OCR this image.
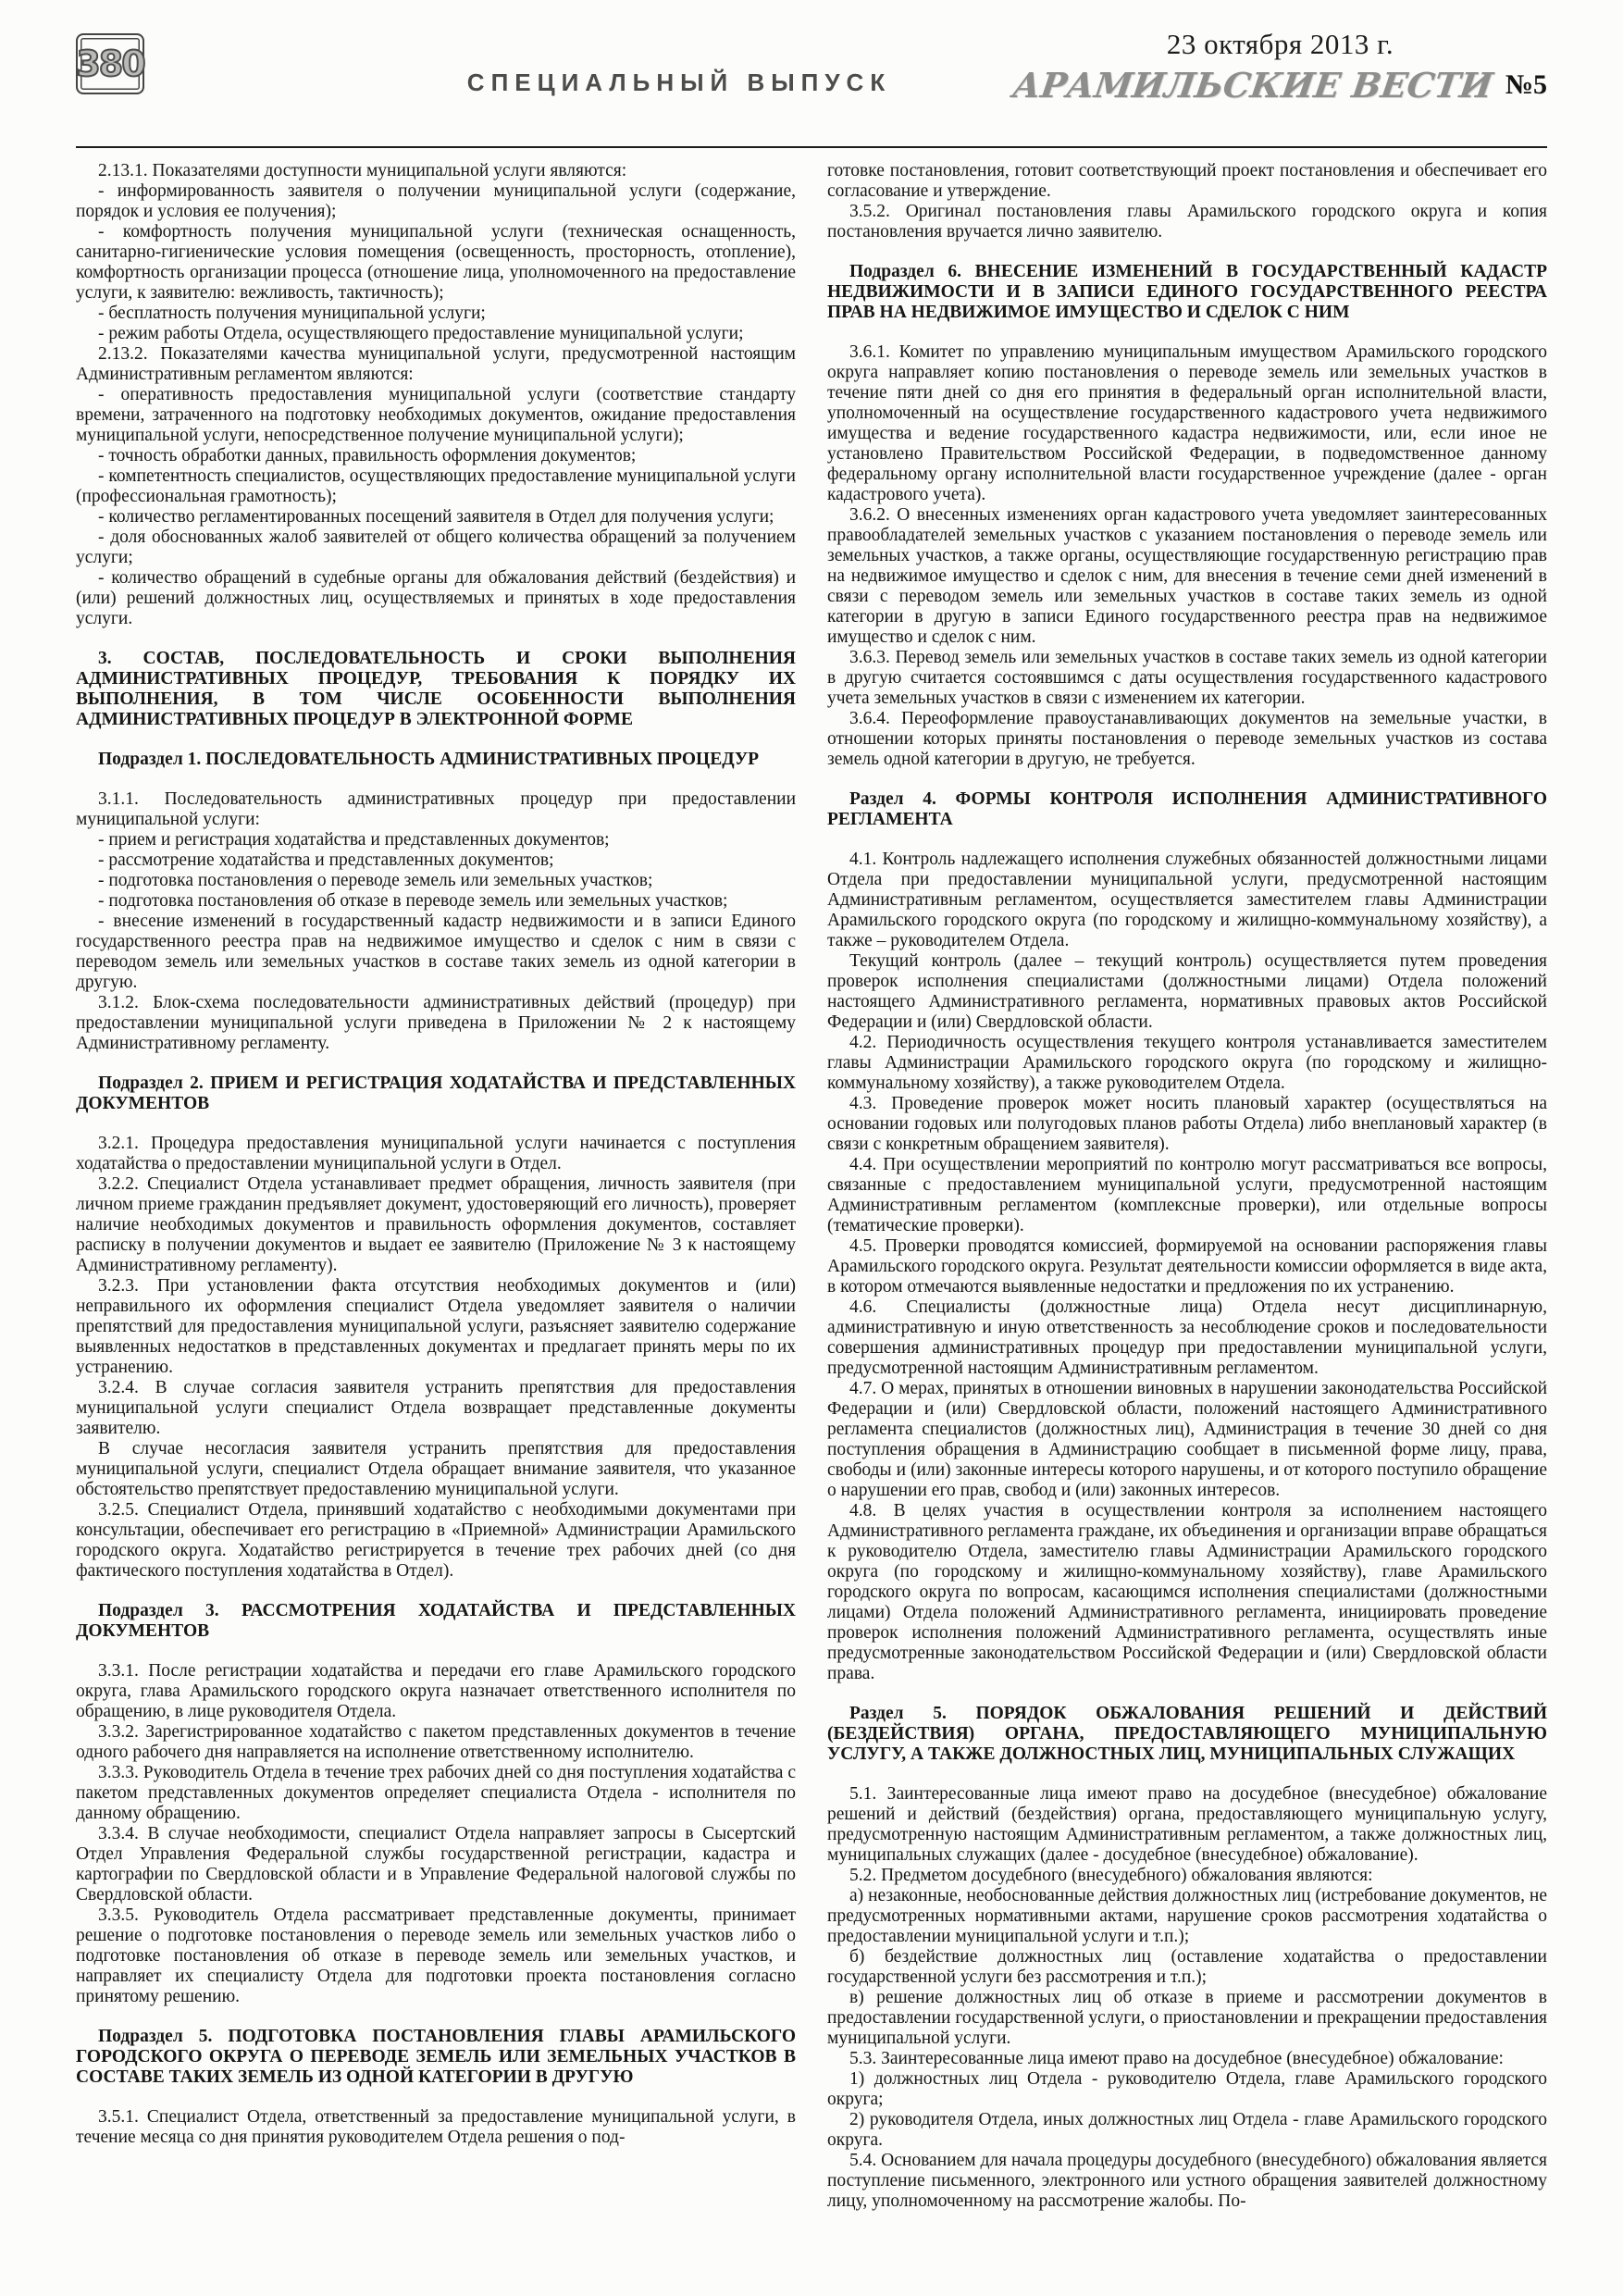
380	СПЕЦИАЛЬНЫЙ ВЫПУСК
23 октября 2013 г.
АРАМИЛЬСКИЕ ВЕСТИ №5

2.13.1. Показателями доступности муниципальной услуги являются:

- информированность заявителя о получении муниципальной услуги (содержание, порядок и условия ее получения);

- комфортность получения муниципальной услуги (техническая оснащенность, санитарно-гигиенические условия помещения (освещенность, просторность, отопление), комфортность организации процесса (отношение лица, уполномоченного на предоставление услуги, к заявителю: вежливость, тактичность);

- бесплатность получения муниципальной услуги;

- режим работы Отдела, осуществляющего предоставление муниципальной услуги;

2.13.2. Показателями качества муниципальной услуги, предусмотренной настоящим Административным регламентом являются:

- оперативность предоставления муниципальной услуги (соответствие стандарту времени, затраченного на подготовку необходимых документов, ожидание предоставления муниципальной услуги, непосредственное получение муниципальной услуги);

- точность обработки данных, правильность оформления документов;

- компетентность специалистов, осуществляющих предоставление муниципальной услуги (профессиональная грамотность);

- количество регламентированных посещений заявителя в Отдел для получения услуги;

- доля обоснованных жалоб заявителей от общего количества обращений за получением услуги;

- количество обращений в судебные органы для обжалования действий (бездействия) и (или) решений должностных лиц, осуществляемых и принятых в ходе предоставления услуги.

3. СОСТАВ, ПОСЛЕДОВАТЕЛЬНОСТЬ И СРОКИ ВЫПОЛНЕНИЯ АДМИНИСТРАТИВНЫХ ПРОЦЕДУР, ТРЕБОВАНИЯ К ПОРЯДКУ ИХ ВЫПОЛНЕНИЯ, В ТОМ ЧИСЛЕ ОСОБЕННОСТИ ВЫПОЛНЕНИЯ АДМИНИСТРАТИВНЫХ ПРОЦЕДУР В ЭЛЕКТРОННОЙ ФОРМЕ

Подраздел 1. ПОСЛЕДОВАТЕЛЬНОСТЬ АДМИНИСТРАТИВНЫХ ПРОЦЕДУР

3.1.1. Последовательность административных процедур при предоставлении муниципальной услуги:

- прием и регистрация ходатайства и представленных документов;

- рассмотрение ходатайства и представленных документов;

- подготовка постановления о переводе земель или земельных участков;

- подготовка постановления об отказе в переводе земель или земельных участков;

- внесение изменений в государственный кадастр недвижимости и в записи Единого государственного реестра прав на недвижимое имущество и сделок с ним в связи с переводом земель или земельных участков в составе таких земель из одной категории в другую.

3.1.2. Блок-схема последовательности административных действий (процедур) при предоставлении муниципальной услуги приведена в Приложении № 2 к настоящему Административному регламенту.

Подраздел 2. ПРИЕМ И РЕГИСТРАЦИЯ ХОДАТАЙСТВА И ПРЕДСТАВЛЕННЫХ ДОКУМЕНТОВ

3.2.1. Процедура предоставления муниципальной услуги начинается с поступления ходатайства о предоставлении муниципальной услуги в Отдел.

3.2.2. Специалист Отдела устанавливает предмет обращения, личность заявителя (при личном приеме гражданин предъявляет документ, удостоверяющий его личность), проверяет наличие необходимых документов и правильность оформления документов, составляет расписку в получении документов и выдает ее заявителю (Приложение № 3 к настоящему Административному регламенту).

3.2.3. При установлении факта отсутствия необходимых документов и (или) неправильного их оформления специалист Отдела уведомляет заявителя о наличии препятствий для предоставления муниципальной услуги, разъясняет заявителю содержание выявленных недостатков в представленных документах и предлагает принять меры по их устранению.

3.2.4. В случае согласия заявителя устранить препятствия для предоставления муниципальной услуги специалист Отдела возвращает представленные документы заявителю.

В случае несогласия заявителя устранить препятствия для предоставления муниципальной услуги, специалист Отдела обращает внимание заявителя, что указанное обстоятельство препятствует предоставлению муниципальной услуги.

3.2.5. Специалист Отдела, принявший ходатайство с необходимыми документами при консультации, обеспечивает его регистрацию в «Приемной» Администрации Арамильского городского округа. Ходатайство регистрируется в течение трех рабочих дней (со дня фактического поступления ходатайства в Отдел).

Подраздел 3. РАССМОТРЕНИЯ ХОДАТАЙСТВА И ПРЕДСТАВЛЕННЫХ ДОКУМЕНТОВ

3.3.1. После регистрации ходатайства и передачи его главе Арамильского городского округа, глава Арамильского городского округа назначает ответственного исполнителя по обращению, в лице руководителя Отдела.

3.3.2. Зарегистрированное ходатайство с пакетом представленных документов в течение одного рабочего дня направляется на исполнение ответственному исполнителю.

3.3.3. Руководитель Отдела в течение трех рабочих дней со дня поступления ходатайства с пакетом представленных документов определяет специалиста Отдела - исполнителя по данному обращению.

3.3.4. В случае необходимости, специалист Отдела направляет запросы в Сысертский Отдел Управления Федеральной службы государственной регистрации, кадастра и картографии по Свердловской области и в Управление Федеральной налоговой службы по Свердловской области.

3.3.5. Руководитель Отдела рассматривает представленные документы, принимает решение о подготовке постановления о переводе земель или земельных участков либо о подготовке постановления об отказе в переводе земель или земельных участков, и направляет их специалисту Отдела для подготовки проекта постановления согласно принятому решению.

Подраздел 5. ПОДГОТОВКА ПОСТАНОВЛЕНИЯ ГЛАВЫ АРАМИЛЬСКОГО ГОРОДСКОГО ОКРУГА О ПЕРЕВОДЕ ЗЕМЕЛЬ ИЛИ ЗЕМЕЛЬНЫХ УЧАСТКОВ В СОСТАВЕ ТАКИХ ЗЕМЕЛЬ ИЗ ОДНОЙ КАТЕГОРИИ В ДРУГУЮ

3.5.1. Специалист Отдела, ответственный за предоставление муниципальной услуги, в течение месяца со дня принятия руководителем Отдела решения о под-

готовке постановления, готовит соответствующий проект постановления и обеспечивает его согласование и утверждение.

3.5.2. Оригинал постановления главы Арамильского городского округа и копия постановления вручается лично заявителю.

Подраздел 6. ВНЕСЕНИЕ ИЗМЕНЕНИЙ В ГОСУДАРСТВЕННЫЙ КАДАСТР НЕДВИЖИМОСТИ И В ЗАПИСИ ЕДИНОГО ГОСУДАРСТВЕННОГО РЕЕСТРА ПРАВ НА НЕДВИЖИМОЕ ИМУЩЕСТВО И СДЕЛОК С НИМ

3.6.1. Комитет по управлению муниципальным имуществом Арамильского городского округа направляет копию постановления о переводе земель или земельных участков в течение пяти дней со дня его принятия в федеральный орган исполнительной власти, уполномоченный на осуществление государственного кадастрового учета недвижимого имущества и ведение государственного кадастра недвижимости, или, если иное не установлено Правительством Российской Федерации, в подведомственное данному федеральному органу исполнительной власти государственное учреждение (далее - орган кадастрового учета).

3.6.2. О внесенных изменениях орган кадастрового учета уведомляет заинтересованных правообладателей земельных участков с указанием постановления о переводе земель или земельных участков, а также органы, осуществляющие государственную регистрацию прав на недвижимое имущество и сделок с ним, для внесения в течение семи дней изменений в связи с переводом земель или земельных участков в составе таких земель из одной категории в другую в записи Единого государственного реестра прав на недвижимое имущество и сделок с ним.

3.6.3. Перевод земель или земельных участков в составе таких земель из одной категории в другую считается состоявшимся с даты осуществления государственного кадастрового учета земельных участков в связи с изменением их категории.

3.6.4. Переоформление правоустанавливающих документов на земельные участки, в отношении которых приняты постановления о переводе земельных участков из состава земель одной категории в другую, не требуется.

Раздел 4. ФОРМЫ КОНТРОЛЯ ИСПОЛНЕНИЯ АДМИНИСТРАТИВНОГО РЕГЛАМЕНТА

4.1. Контроль надлежащего исполнения служебных обязанностей должностными лицами Отдела при предоставлении муниципальной услуги, предусмотренной настоящим Административным регламентом, осуществляется заместителем главы Администрации Арамильского городского округа (по городскому и жилищно-коммунальному хозяйству), а также – руководителем Отдела.

Текущий контроль (далее – текущий контроль) осуществляется путем проведения проверок исполнения специалистами (должностными лицами) Отдела положений настоящего Административного регламента, нормативных правовых актов Российской Федерации и (или) Свердловской области.

4.2. Периодичность осуществления текущего контроля устанавливается заместителем главы Администрации Арамильского городского округа (по городскому и жилищно-коммунальному хозяйству), а также руководителем Отдела.

4.3. Проведение проверок может носить плановый характер (осуществляться на основании годовых или полугодовых планов работы Отдела) либо внеплановый характер (в связи с конкретным обращением заявителя).

4.4. При осуществлении мероприятий по контролю могут рассматриваться все вопросы, связанные с предоставлением муниципальной услуги, предусмотренной настоящим Административным регламентом (комплексные проверки), или отдельные вопросы (тематические проверки).

4.5. Проверки проводятся комиссией, формируемой на основании распоряжения главы Арамильского городского округа. Результат деятельности комиссии оформляется в виде акта, в котором отмечаются выявленные недостатки и предложения по их устранению.

4.6. Специалисты (должностные лица) Отдела несут дисциплинарную, административную и иную ответственность за несоблюдение сроков и последовательности совершения административных процедур при предоставлении муниципальной услуги, предусмотренной настоящим Административным регламентом.

4.7. О мерах, принятых в отношении виновных в нарушении законодательства Российской Федерации и (или) Свердловской области, положений настоящего Административного регламента специалистов (должностных лиц), Администрация в течение 30 дней со дня поступления обращения в Администрацию сообщает в письменной форме лицу, права, свободы и (или) законные интересы которого нарушены, и от которого поступило обращение о нарушении его прав, свобод и (или) законных интересов.

4.8. В целях участия в осуществлении контроля за исполнением настоящего Административного регламента граждане, их объединения и организации вправе обращаться к руководителю Отдела, заместителю главы Администрации Арамильского городского округа (по городскому и жилищно-коммунальному хозяйству), главе Арамильского городского округа по вопросам, касающимся исполнения специалистами (должностными лицами) Отдела положений Административного регламента, инициировать проведение проверок исполнения положений Административного регламента, осуществлять иные предусмотренные законодательством Российской Федерации и (или) Свердловской области права.

Раздел 5. ПОРЯДОК ОБЖАЛОВАНИЯ РЕШЕНИЙ И ДЕЙСТВИЙ (БЕЗДЕЙСТВИЯ) ОРГАНА, ПРЕДОСТАВЛЯЮЩЕГО МУНИЦИПАЛЬНУЮ УСЛУГУ, А ТАКЖЕ ДОЛЖНОСТНЫХ ЛИЦ, МУНИЦИПАЛЬНЫХ СЛУЖАЩИХ

5.1. Заинтересованные лица имеют право на досудебное (внесудебное) обжалование решений и действий (бездействия) органа, предоставляющего муниципальную услугу, предусмотренную настоящим Административным регламентом, а также должностных лиц, муниципальных служащих (далее - досудебное (внесудебное) обжалование).

5.2. Предметом досудебного (внесудебного) обжалования являются:

а) незаконные, необоснованные действия должностных лиц (истребование документов, не предусмотренных нормативными актами, нарушение сроков рассмотрения ходатайства о предоставлении муниципальной услуги и т.п.);

б) бездействие должностных лиц (оставление ходатайства о предоставлении государственной услуги без рассмотрения и т.п.);

в) решение должностных лиц об отказе в приеме и рассмотрении документов в предоставлении государственной услуги, о приостановлении и прекращении предоставления муниципальной услуги.

5.3. Заинтересованные лица имеют право на досудебное (внесудебное) обжалование:

1) должностных лиц Отдела - руководителю Отдела, главе Арамильского городского округа;

2) руководителя Отдела, иных должностных лиц Отдела - главе Арамильского городского округа.

5.4. Основанием для начала процедуры досудебного (внесудебного) обжалования является поступление письменного, электронного или устного обращения заявителей должностному лицу, уполномоченному на рассмотрение жалобы. По-
